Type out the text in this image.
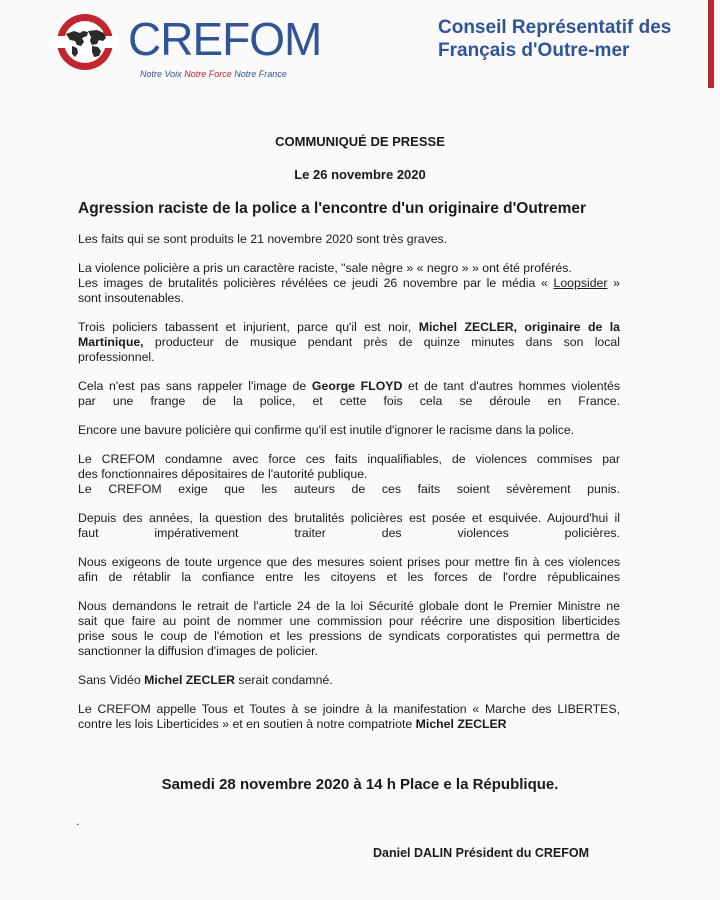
CREFOM
Notre Voix Notre Force Notre France
Conseil Représentatif des
Français d'Outre-mer
COMMUNIQUÉ DE PRESSE
Le 26 novembre 2020
Agression raciste de la police a l'encontre d'un originaire d'Outremer

Les faits qui se sont produits le 21 novembre 2020 sont très graves.

La violence policière a pris un caractère raciste, "sale nègre » « negro » » ont été proférés.
Les images de brutalités policières révélées ce jeudi 26 novembre par le média « Loopsider »
sont insoutenables.

Trois policiers tabassent et injurient, parce qu'il est noir, Michel ZECLER, originaire de la
Martinique, producteur de musique pendant près de quinze minutes dans son local
professionnel.

Cela n'est pas sans rappeler l'image de George FLOYD et de tant d'autres hommes violentés
par une frange de la police, et cette fois cela se déroule en France.

Encore une bavure policière qui confirme qu'il est inutile d'ignorer le racisme dans la police.

Le CREFOM condamne avec force ces faits inqualifiables, de violences commises par
des fonctionnaires dépositaires de l'autorité publique.
Le CREFOM exige que les auteurs de ces faits soient sévèrement punis.

Depuis des années, la question des brutalités policières est posée et esquivée. Aujourd'hui il
faut impérativement traiter des violences policières.

Nous exigeons de toute urgence que des mesures soient prises pour mettre fin à ces violences
afin de rétablir la confiance entre les citoyens et les forces de l'ordre républicaines

Nous demandons le retrait de l'article 24 de la loi Sécurité globale dont le Premier Ministre ne
sait que faire au point de nommer une commission pour réécrire une disposition liberticides
prise sous le coup de l'émotion et les pressions de syndicats corporatistes qui permettra de
sanctionner la diffusion d'images de policier.

Sans Vidéo Michel ZECLER serait condamné.

Le CREFOM appelle Tous et Toutes à se joindre à la manifestation « Marche des LIBERTES,
contre les lois Liberticides » et en soutien à notre compatriote Michel ZECLER

Samedi 28 novembre 2020 à 14 h Place e la République.
.
Daniel DALIN Président du CREFOM
